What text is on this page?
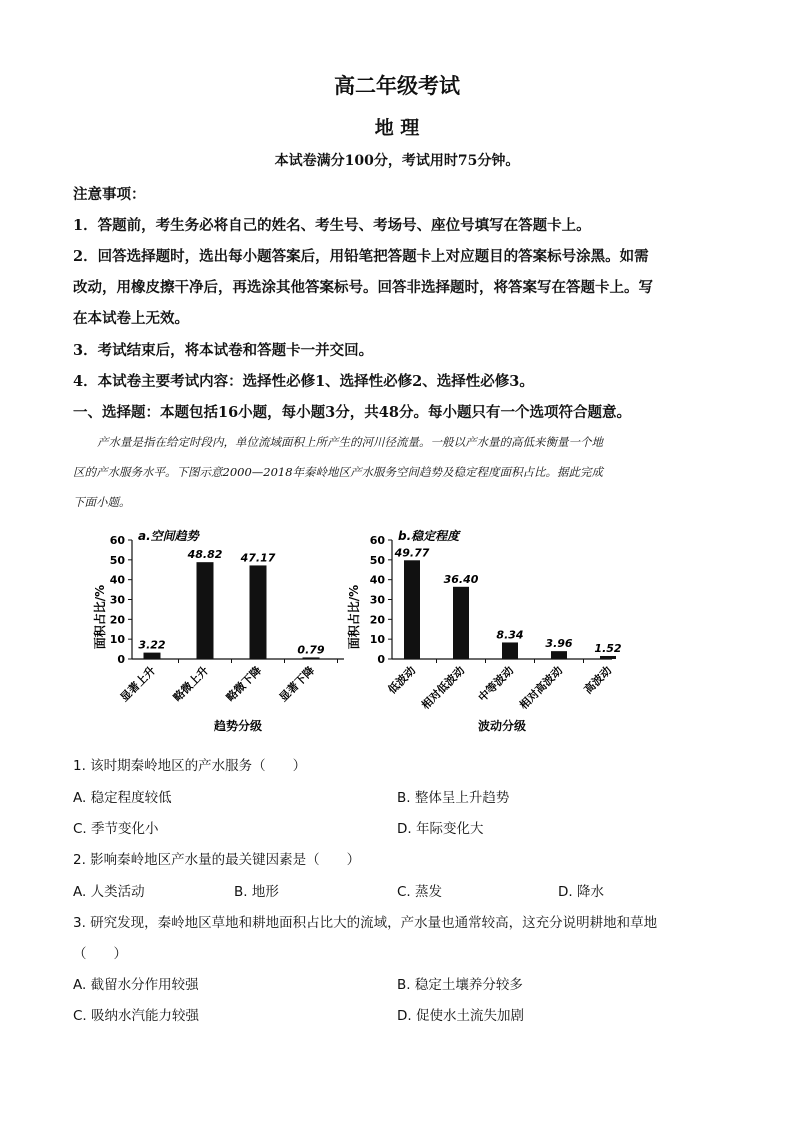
高二年级考试
地 理
本试卷满分100分，考试用时75分钟。
注意事项：
1．答题前，考生务必将自己的姓名、考生号、考场号、座位号填写在答题卡上。
2．回答选择题时，选出每小题答案后，用铅笔把答题卡上对应题目的答案标号涂黑。如需
改动，用橡皮擦干净后，再选涂其他答案标号。回答非选择题时，将答案写在答题卡上。写
在本试卷上无效。
3．考试结束后，将本试卷和答题卡一并交回。
4．本试卷主要考试内容：选择性必修1、选择性必修2、选择性必修3。
一、选择题：本题包括16小题，每小题3分，共48分。每小题只有一个选项符合题意。
产水量是指在给定时段内，单位流域面积上所产生的河川径流量。一般以产水量的高低来衡量一个地
区的产水服务水平。下图示意2000—2018年秦岭地区产水服务空间趋势及稳定程度面积占比。据此完成
下面小题。
面积占比/%
0
10
20
30
40
50
60 a.空间趋势
3.22
显著上升
48.82
略微上升
47.17
略微下降
0.79
显著下降
趋势分级
面积占比/%
0
10
20
30
40
50
60 b.稳定程度
49.77
低波动
36.40
相对低波动
8.34
中等波动
3.96
相对高波动
1.52
高波动
波动分级
1. 该时期秦岭地区的产水服务（　　）
A. 稳定程度较低	B. 整体呈上升趋势
C. 季节变化小	D. 年际变化大
2. 影响秦岭地区产水量的最关键因素是（　　）
A. 人类活动	B. 地形	C. 蒸发	D. 降水
3. 研究发现，秦岭地区草地和耕地面积占比大的流域，产水量也通常较高，这充分说明耕地和草地
（　　）
A. 截留水分作用较强	B. 稳定土壤养分较多
C. 吸纳水汽能力较强	D. 促使水土流失加剧
